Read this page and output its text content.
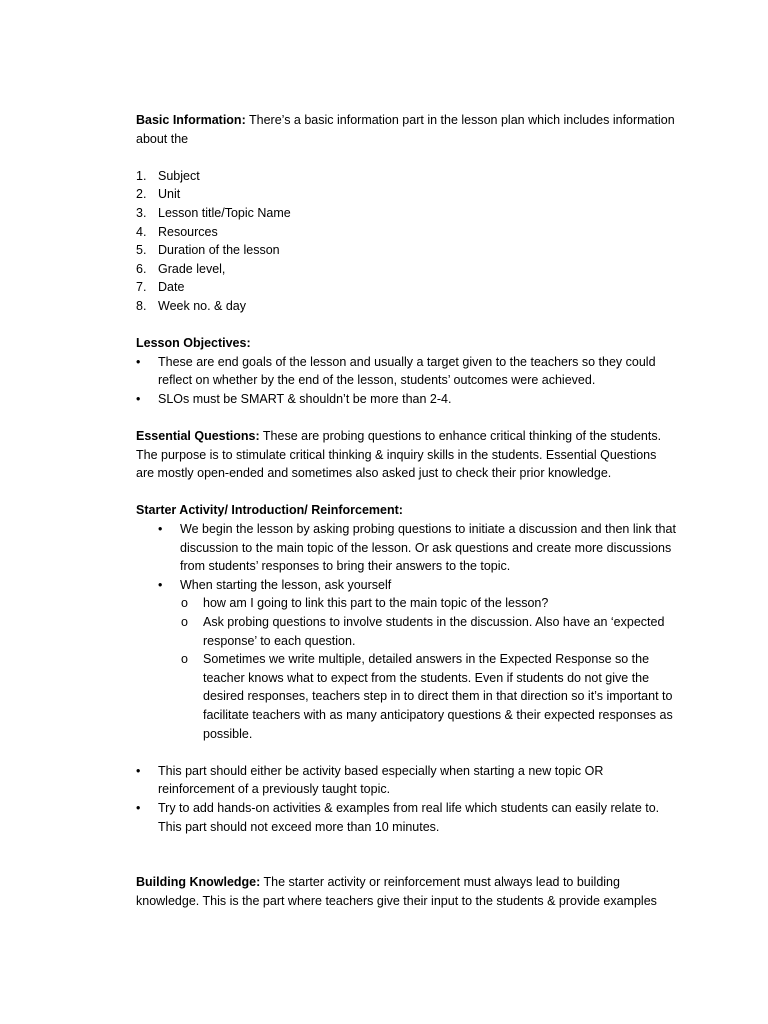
Basic Information: There’s a basic information part in the lesson plan which includes information about the

1. Subject
2. Unit
3. Lesson title/Topic Name
4. Resources
5. Duration of the lesson
6. Grade level,
7. Date
8. Week no. & day

Lesson Objectives:

• These are end goals of the lesson and usually a target given to the teachers so they could reflect on whether by the end of the lesson, students’ outcomes were achieved.
• SLOs must be SMART & shouldn’t be more than 2-4.

Essential Questions: These are probing questions to enhance critical thinking of the students. The purpose is to stimulate critical thinking & inquiry skills in the students. Essential Questions are mostly open-ended and sometimes also asked just to check their prior knowledge.

Starter Activity/ Introduction/ Reinforcement:

• We begin the lesson by asking probing questions to initiate a discussion and then link that discussion to the main topic of the lesson. Or ask questions and create more discussions from students’ responses to bring their answers to the topic.
• When starting the lesson, ask yourself
o how am I going to link this part to the main topic of the lesson?
o Ask probing questions to involve students in the discussion. Also have an ‘expected response’ to each question.
o Sometimes we write multiple, detailed answers in the Expected Response so the teacher knows what to expect from the students. Even if students do not give the desired responses, teachers step in to direct them in that direction so it’s important to facilitate teachers with as many anticipatory questions & their expected responses as possible.
• This part should either be activity based especially when starting a new topic OR reinforcement of a previously taught topic.
• Try to add hands-on activities & examples from real life which students can easily relate to. This part should not exceed more than 10 minutes.

Building Knowledge: The starter activity or reinforcement must always lead to building knowledge. This is the part where teachers give their input to the students & provide examples
